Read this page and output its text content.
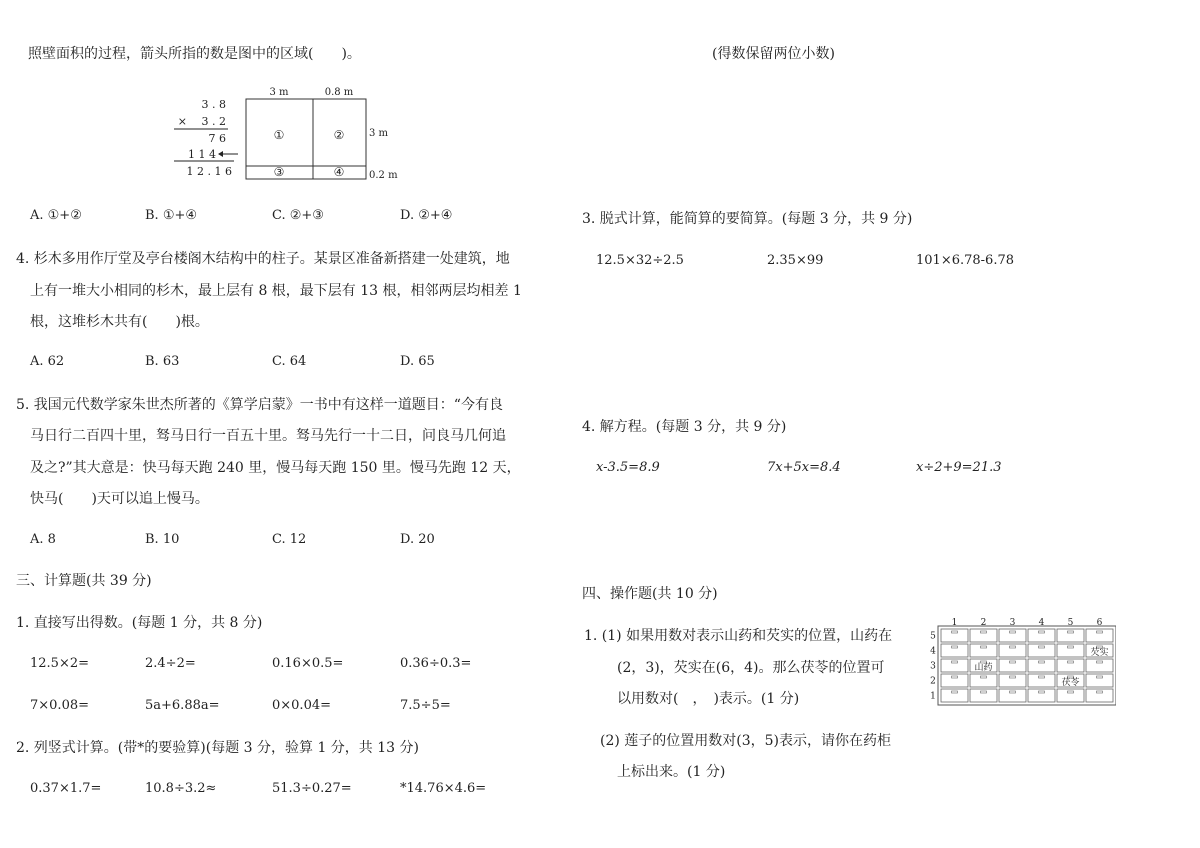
照壁面积的过程，箭头所指的数是图中的区域(　　)。
3 . 8
× 　3 . 2
7 6
1 1 4
1 2 . 1 6
3 m	0.8 m
3 m
0.2 m
①	②
③	④
A. ①+②	B. ①+④	C. ②+③	D. ②+④
4. 杉木多用作厅堂及亭台楼阁木结构中的柱子。某景区准备新搭建一处建筑，地
上有一堆大小相同的杉木，最上层有 8 根，最下层有 13 根，相邻两层均相差 1
根，这堆杉木共有(　　)根。
A. 62	B. 63	C. 64	D. 65
5. 我国元代数学家朱世杰所著的《算学启蒙》一书中有这样一道题目：“今有良
马日行二百四十里，驽马日行一百五十里。驽马先行一十二日，问良马几何追
及之?”其大意是：快马每天跑 240 里，慢马每天跑 150 里。慢马先跑 12 天，
快马(　　)天可以追上慢马。
A. 8	B. 10	C. 12	D. 20
三、计算题(共 39 分)
1. 直接写出得数。(每题 1 分，共 8 分)
12.5×2=	2.4÷2=	0.16×0.5=	0.36÷0.3=
7×0.08=	5a+6.88a=	0×0.04=	7.5÷5=
2. 列竖式计算。(带*的要验算)(每题 3 分，验算 1 分，共 13 分)
0.37×1.7=	10.8÷3.2≈	51.3÷0.27=	*14.76×4.6=
(得数保留两位小数)
3. 脱式计算，能简算的要简算。(每题 3 分，共 9 分)
12.5×32÷2.5	2.35×99	101×6.78-6.78
4. 解方程。(每题 3 分，共 9 分)
x-3.5=8.9	7x+5x=8.4	x÷2+9=21.3
四、操作题(共 10 分)
1. (1) 如果用数对表示山药和芡实的位置，山药在
(2，3)，芡实在(6，4)。那么茯苓的位置可
以用数对(　，　)表示。(1 分)
(2) 莲子的位置用数对(3，5)表示，请你在药柜
上标出来。(1 分)
1	2	3	4	5	6
5
4
3
2
1
山药
芡实
茯苓
